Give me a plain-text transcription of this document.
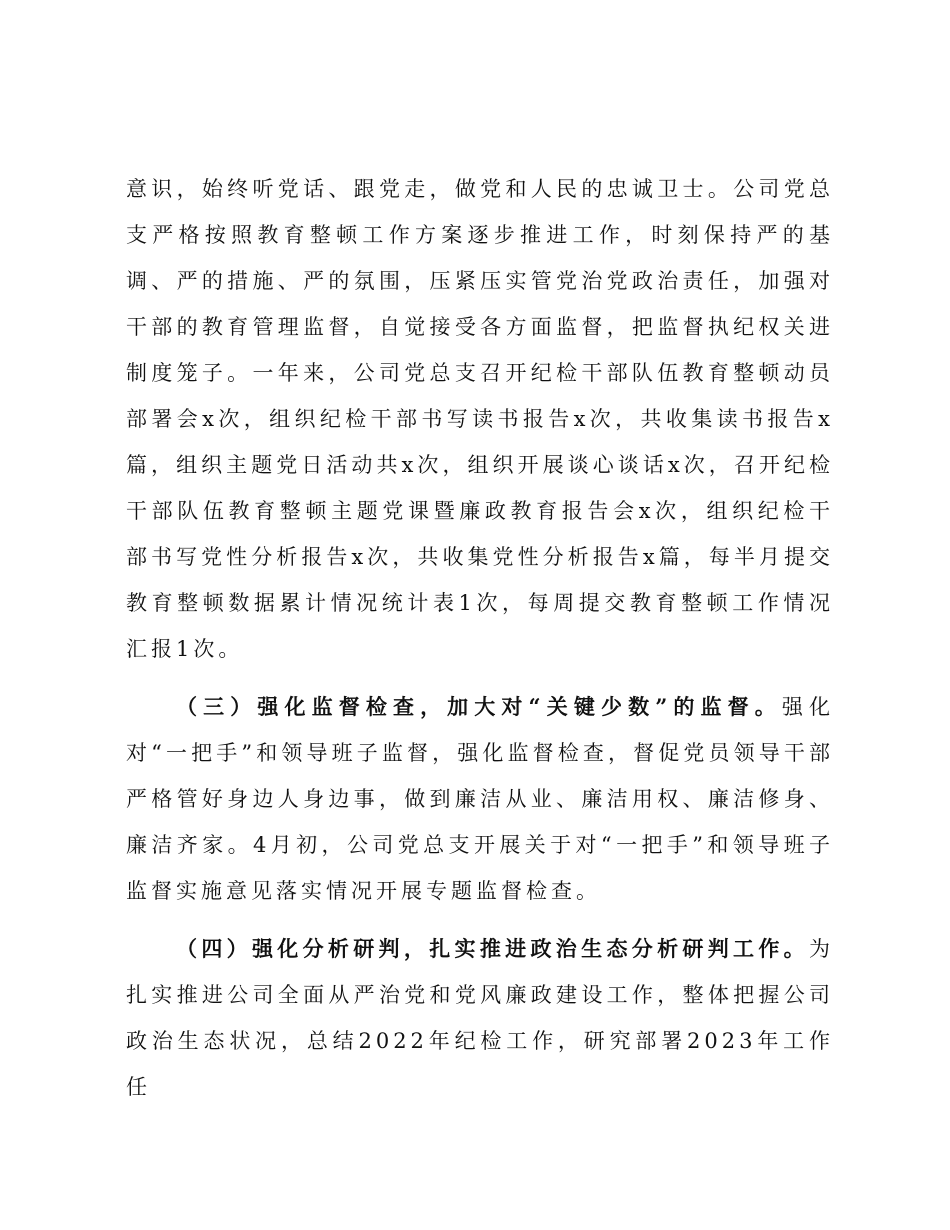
意识，始终听党话、跟党走，做党和人民的忠诚卫士。公司党总支严格按照教育整顿工作方案逐步推进工作，时刻保持严的基调、严的措施、严的氛围，压紧压实管党治党政治责任，加强对干部的教育管理监督，自觉接受各方面监督，把监督执纪权关进制度笼子。一年来，公司党总支召开纪检干部队伍教育整顿动员部署会x次，组织纪检干部书写读书报告x次，共收集读书报告x篇，组织主题党日活动共x次，组织开展谈心谈话x次，召开纪检干部队伍教育整顿主题党课暨廉政教育报告会x次，组织纪检干部书写党性分析报告x次，共收集党性分析报告x篇，每半月提交教育整顿数据累计情况统计表1次，每周提交教育整顿工作情况汇报1次。

（三）强化监督检查，加大对“关键少数”的监督。强化对“一把手”和领导班子监督，强化监督检查，督促党员领导干部严格管好身边人身边事，做到廉洁从业、廉洁用权、廉洁修身、廉洁齐家。4月初，公司党总支开展关于对“一把手”和领导班子监督实施意见落实情况开展专题监督检查。

（四）强化分析研判，扎实推进政治生态分析研判工作。为扎实推进公司全面从严治党和党风廉政建设工作，整体把握公司政治生态状况，总结2022年纪检工作，研究部署2023年工作任
